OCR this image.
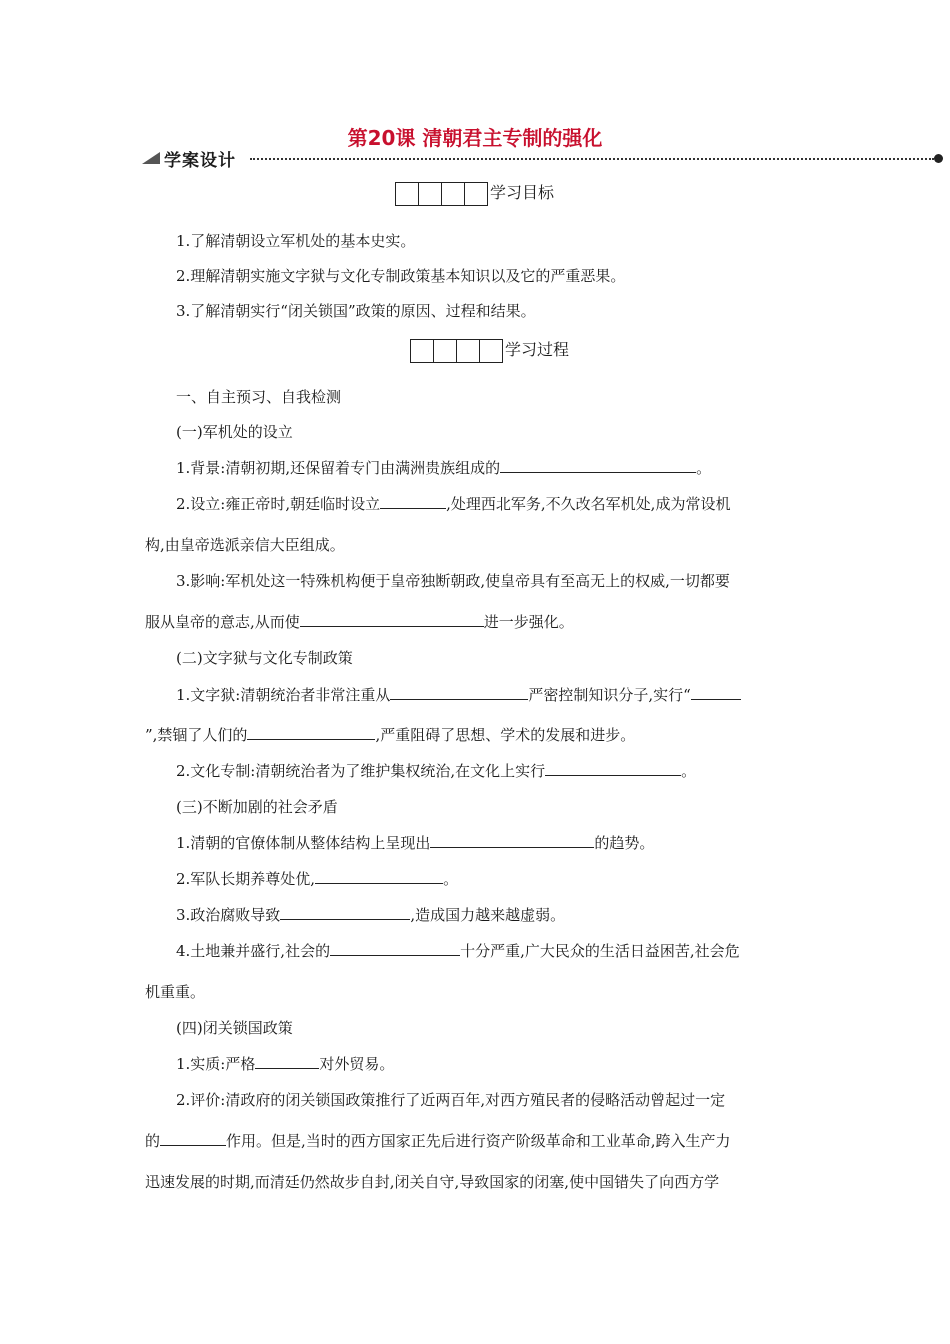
第20课 清朝君主专制的强化
学案设计
学习目标
1.了解清朝设立军机处的基本史实。
2.理解清朝实施文字狱与文化专制政策基本知识以及它的严重恶果。
3.了解清朝实行“闭关锁国”政策的原因、过程和结果。
学习过程
一、自主预习、自我检测
(一)军机处的设立
1.背景:清朝初期,还保留着专门由满洲贵族组成的	。
2.设立:雍正帝时,朝廷临时设立	,处理西北军务,不久改名军机处,成为常设机
构,由皇帝选派亲信大臣组成。
3.影响:军机处这一特殊机构便于皇帝独断朝政,使皇帝具有至高无上的权威,一切都要
服从皇帝的意志,从而使	进一步强化。
(二)文字狱与文化专制政策
1.文字狱:清朝统治者非常注重从	严密控制知识分子,实行“
”,禁锢了人们的	,严重阻碍了思想、学术的发展和进步。
2.文化专制:清朝统治者为了维护集权统治,在文化上实行	。
(三)不断加剧的社会矛盾
1.清朝的官僚体制从整体结构上呈现出	的趋势。
2.军队长期养尊处优,	。
3.政治腐败导致	,造成国力越来越虚弱。
4.土地兼并盛行,社会的	十分严重,广大民众的生活日益困苦,社会危
机重重。
(四)闭关锁国政策
1.实质:严格	对外贸易。
2.评价:清政府的闭关锁国政策推行了近两百年,对西方殖民者的侵略活动曾起过一定
的	作用。但是,当时的西方国家正先后进行资产阶级革命和工业革命,跨入生产力
迅速发展的时期,而清廷仍然故步自封,闭关自守,导致国家的闭塞,使中国错失了向西方学
